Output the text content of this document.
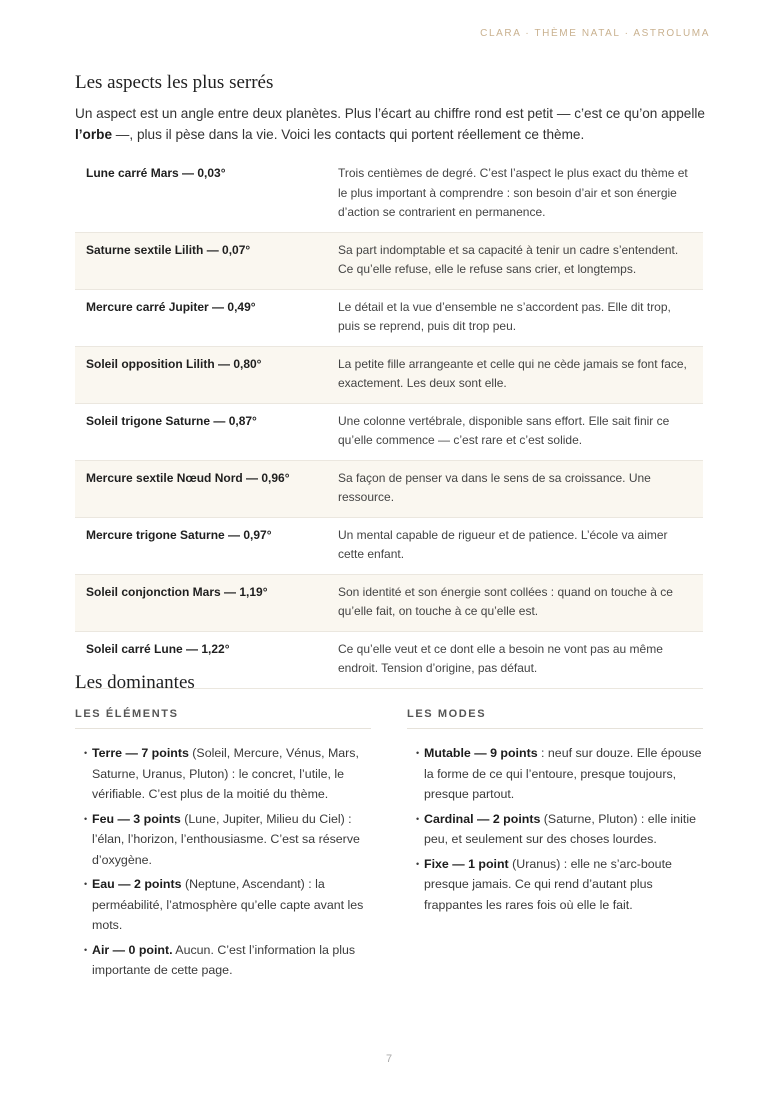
CLARA · THÈME NATAL · ASTROLUMA
Les aspects les plus serrés

Un aspect est un angle entre deux planètes. Plus l’écart au chiffre rond est petit — c’est ce qu’on appelle l’orbe —, plus il pèse dans la vie. Voici les contacts qui portent réellement ce thème.

Lune carré Mars — 0,03°	Trois centièmes de degré. C’est l’aspect le plus exact du thème et le plus important à comprendre : son besoin d’air et son énergie d’action se contrarient en permanence.
Saturne sextile Lilith — 0,07°	Sa part indomptable et sa capacité à tenir un cadre s’entendent. Ce qu’elle refuse, elle le refuse sans crier, et longtemps.
Mercure carré Jupiter — 0,49°	Le détail et la vue d’ensemble ne s’accordent pas. Elle dit trop, puis se reprend, puis dit trop peu.
Soleil opposition Lilith — 0,80°	La petite fille arrangeante et celle qui ne cède jamais se font face, exactement. Les deux sont elle.
Soleil trigone Saturne — 0,87°	Une colonne vertébrale, disponible sans effort. Elle sait finir ce qu’elle commence — c’est rare et c’est solide.
Mercure sextile Nœud Nord — 0,96°	Sa façon de penser va dans le sens de sa croissance. Une ressource.
Mercure trigone Saturne — 0,97°	Un mental capable de rigueur et de patience. L’école va aimer cette enfant.
Soleil conjonction Mars — 1,19°	Son identité et son énergie sont collées : quand on touche à ce qu’elle fait, on touche à ce qu’elle est.
Soleil carré Lune — 1,22°	Ce qu’elle veut et ce dont elle a besoin ne vont pas au même endroit. Tension d’origine, pas défaut.
Les dominantes
LES ÉLÉMENTS
• Terre — 7 points (Soleil, Mercure, Vénus, Mars, Saturne, Uranus, Pluton) : le concret, l’utile, le vérifiable. C’est plus de la moitié du thème.
• Feu — 3 points (Lune, Jupiter, Milieu du Ciel) : l’élan, l’horizon, l’enthousiasme. C’est sa réserve d’oxygène.
• Eau — 2 points (Neptune, Ascendant) : la perméabilité, l’atmosphère qu’elle capte avant les mots.
• Air — 0 point. Aucun. C’est l’information la plus importante de cette page.
LES MODES
• Mutable — 9 points : neuf sur douze. Elle épouse la forme de ce qui l’entoure, presque toujours, presque partout.
• Cardinal — 2 points (Saturne, Pluton) : elle initie peu, et seulement sur des choses lourdes.
• Fixe — 1 point (Uranus) : elle ne s’arc-boute presque jamais. Ce qui rend d’autant plus frappantes les rares fois où elle le fait.
7
